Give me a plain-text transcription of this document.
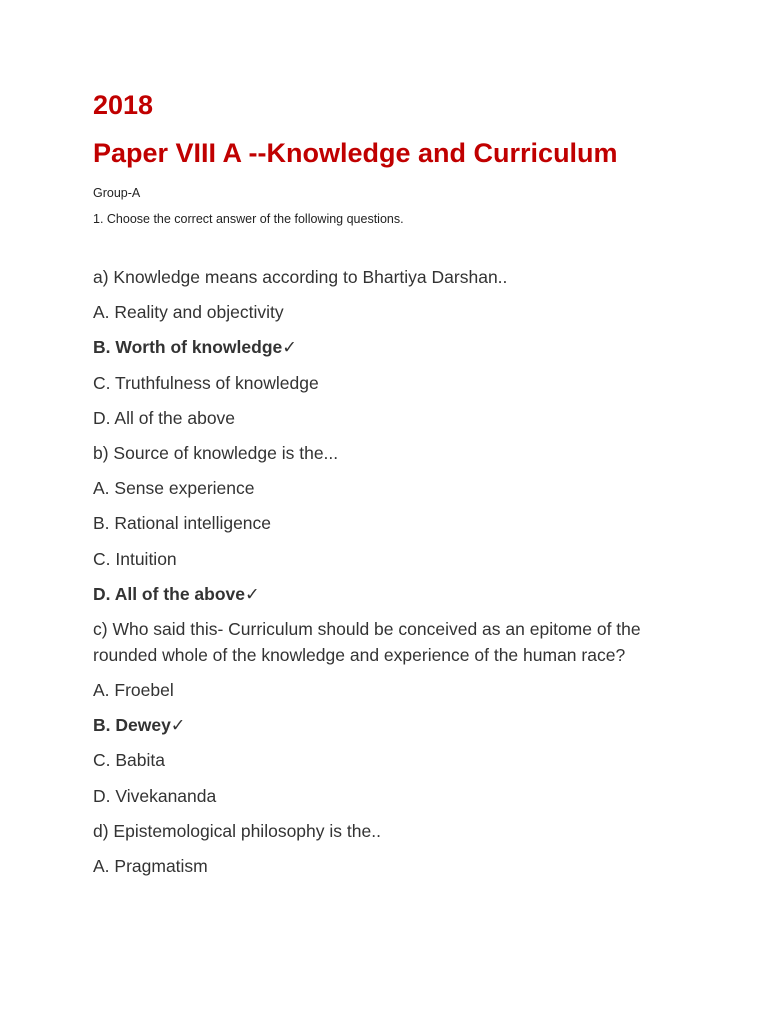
2018
Paper VIII A --Knowledge and Curriculum
Group-A
1. Choose the correct answer of the following questions.
a) Knowledge means according to Bhartiya Darshan..
A. Reality and objectivity
B. Worth of knowledge✓
C. Truthfulness of knowledge
D. All of the above
b) Source of knowledge is the...
A. Sense experience
B. Rational intelligence
C. Intuition
D. All of the above✓
c) Who said this- Curriculum should be conceived as an epitome of the rounded whole of the knowledge and experience of the human race?
A. Froebel
B. Dewey✓
C. Babita
D. Vivekananda
d) Epistemological philosophy is the..
A. Pragmatism
